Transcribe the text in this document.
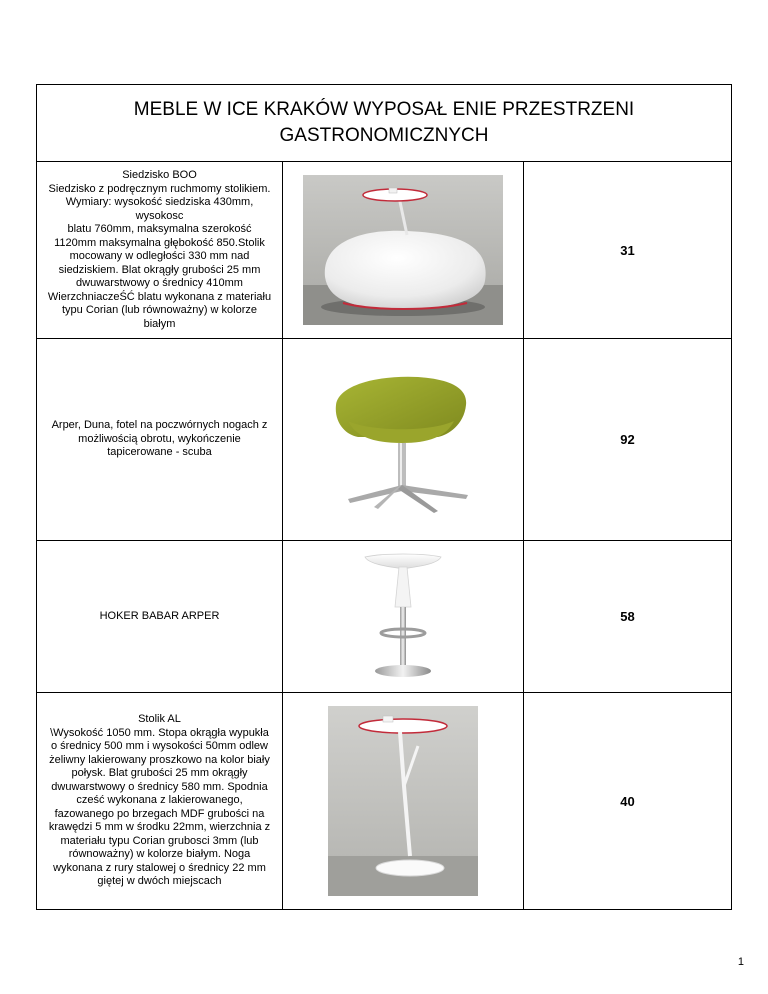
MEBLE W ICE KRAKÓW WYPOSAŁ ENIE PRZESTRZENI GASTRONOMICZNYCH
Siedzisko BOO
Siedzisko z podręcznym ruchmomy stolikiem.
Wymiary: wysokość siedziska 430mm,
wysokosc
blatu 760mm, maksymalna szerokość
1120mm maksymalna głębokość 850.Stolik
mocowany w odległości 330 mm nad
siedziskiem. Blat okrągły grubości 25 mm
dwuwarstwowy o średnicy 410mm
WierzchniaczeŚĆ blatu wykonana z materiału
typu Corian (lub równoważny) w kolorze
białym
31
Arper, Duna, fotel na poczwórnych nogach z
możliwością obrotu, wykończenie
tapicerowane - scuba
92
HOKER BABAR ARPER	58
Stolik AL
\Wysokość 1050 mm. Stopa okrągła wypukła
o średnicy 500 mm i wysokości 50mm odlew
żeliwny lakierowany proszkowo na kolor biały
połysk. Blat grubości 25 mm okrągły
dwuwarstwowy o średnicy 580 mm. Spodnia
cześć wykonana z lakierowanego,
fazowanego po brzegach MDF grubości na
krawędzi 5 mm w środku 22mm, wierzchnia z
materiału typu Corian grubosci 3mm (lub
równoważny) w kolorze białym. Noga
wykonana z rury stalowej o średnicy 22 mm
giętej w dwóch miejscach
40
1
